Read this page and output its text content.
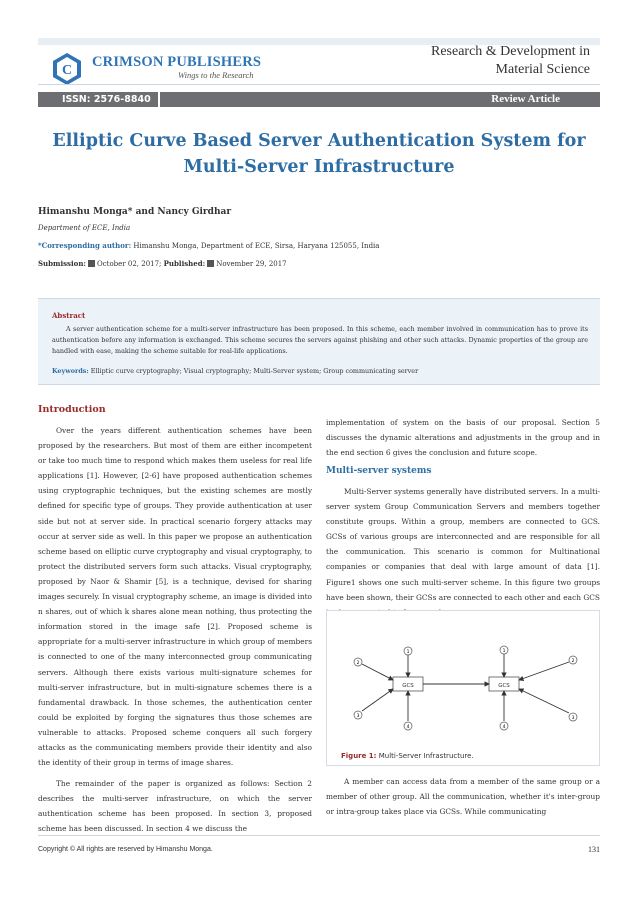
C
CRIMSON PUBLISHERS
Wings to the Research
Research & Development in
Material Science
ISSN: 2576-8840	Review Article
Elliptic Curve Based Server Authentication System for
Multi-Server Infrastructure
Himanshu Monga* and Nancy Girdhar
Department of ECE, India
*Corresponding author: Himanshu Monga, Department of ECE, Sirsa, Haryana 125055, India
Submission: October 02, 2017; Published: November 29, 2017
Abstract
A server authentication scheme for a multi-server infrastructure has been proposed. In this scheme, each member involved in communication has to prove its authentication before any information is exchanged. This scheme secures the servers against phishing and other such attacks. Dynamic properties of the group are handled with ease, making the scheme suitable for real-life applications.
Keywords: Elliptic curve cryptography; Visual cryptography; Multi-Server system; Group communicating server
Introduction

Over the years different authentication schemes have been proposed by the researchers. But most of them are either incompetent or take too much time to respond which makes them useless for real life applications [1]. However, [2-6] have proposed authentication schemes using cryptographic techniques, but the existing schemes are mostly defined for specific type of groups. They provide authentication at user side but not at server side. In practical scenario forgery attacks may occur at server side as well. In this paper we propose an authentication scheme based on elliptic curve cryptography and visual cryptography, to protect the distributed servers form such attacks. Visual cryptography, proposed by Naor & Shamir [5], is a technique, devised for sharing images securely. In visual cryptography scheme, an image is divided into n shares, out of which k shares alone mean nothing, thus protecting the information stored in the image safe [2]. Proposed scheme is appropriate for a multi-server infrastructure in which group of members is connected to one of the many interconnected group communicating servers. Although there exists various multi-signature schemes for multi-server infrastructure, but in multi-signature schemes there is a fundamental drawback. In those schemes, the authentication center could be exploited by forging the signatures thus those schemes are vulnerable to attacks. Proposed scheme conquers all such forgery attacks as the communicating members provide their identity and also the identity of their group in terms of image shares.

The remainder of the paper is organized as follows: Section 2 describes the multi-server infrastructure, on which the server authentication scheme has been proposed. In section 3, proposed scheme has been discussed. In section 4 we discuss the

implementation of system on the basis of our proposal. Section 5 discusses the dynamic alterations and adjustments in the group and in the end section 6 gives the conclusion and future scope.

Multi-server systems

Multi-Server systems generally have distributed servers. In a multi-server system Group Communication Servers and members together constitute groups. Within a group, members are connected to GCS. GCSs of various groups are interconnected and are responsible for all the communication. This scenario is common for Multinational companies or companies that deal with large amount of data [1]. Figure1 shows one such multi-server scheme. In this figure two groups have been shown, their GCSs are connected to each other and each GCS

GCS	GCS
1
2
3
4
1
2
3
4
Figure 1: Multi-Server Infrastructure.

A member can access data from a member of the same group or a member of other group. All the communication, whether it's inter-group or intra-group takes place via GCSs. While communicating

Copyright © All rights are reserved by Himanshu Monga.	131
